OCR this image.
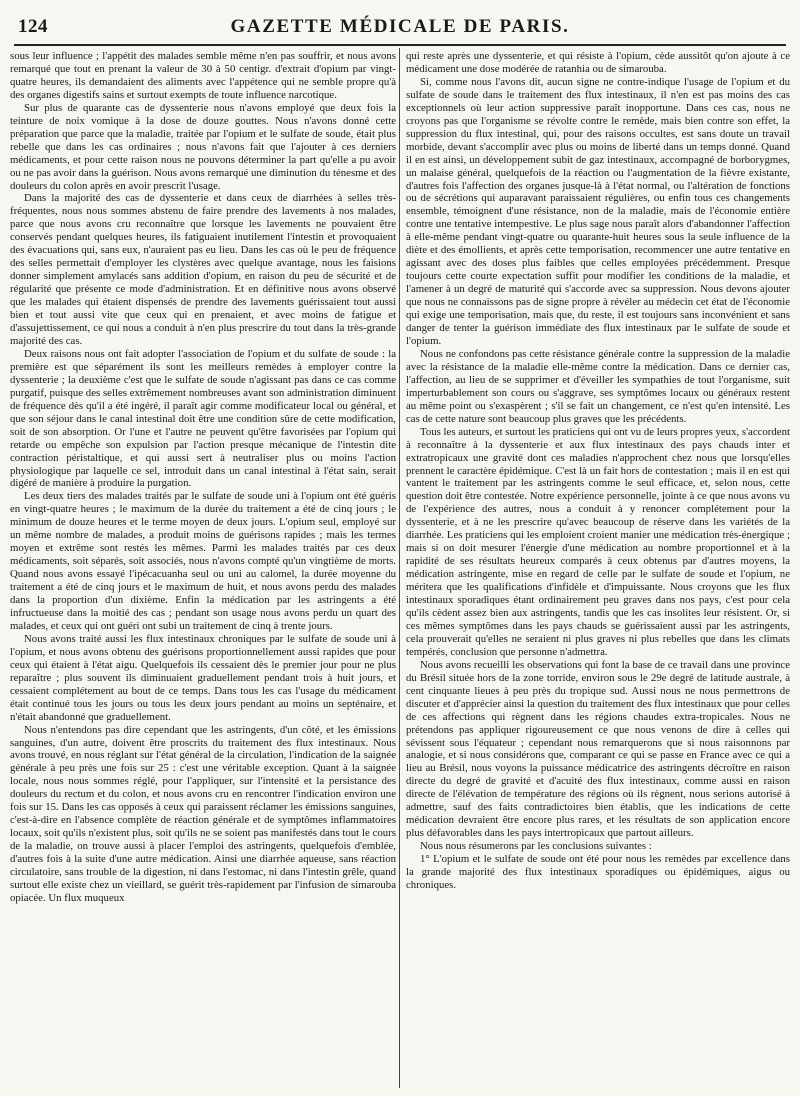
124	GAZETTE MÉDICALE DE PARIS.

sous leur influence ; l'appétit des malades semble même n'en pas souffrir, et nous avons remarqué que tout en prenant la valeur de 30 à 50 centigr. d'extrait d'opium par vingt-quatre heures, ils demandaient des aliments avec l'appétence qui ne semble propre qu'à des organes digestifs sains et surtout exempts de toute influence narcotique.

Sur plus de quarante cas de dyssenterie nous n'avons employé que deux fois la teinture de noix vomique à la dose de douze gouttes. Nous n'avons donné cette préparation que parce que la maladie, traitée par l'opium et le sulfate de soude, était plus rebelle que dans les cas ordinaires ; nous n'avons fait que l'ajouter à ces derniers médicaments, et pour cette raison nous ne pouvons déterminer la part qu'elle a pu avoir ou ne pas avoir dans la guérison. Nous avons remarqué une diminution du ténesme et des douleurs du colon après en avoir prescrit l'usage.

Dans la majorité des cas de dyssenterie et dans ceux de diarrhées à selles très-fréquentes, nous nous sommes abstenu de faire prendre des lavements à nos malades, parce que nous avons cru reconnaître que lorsque les lavements ne pouvaient être conservés pendant quelques heures, ils fatiguaient inutilement l'intestin et provoquaient des évacuations qui, sans eux, n'auraient pas eu lieu. Dans les cas où le peu de fréquence des selles permettait d'employer les clystères avec quelque avantage, nous les faisions donner simplement amylacés sans addition d'opium, en raison du peu de sécurité et de régularité que présente ce mode d'administration. Et en définitive nous avons observé que les malades qui étaient dispensés de prendre des lavements guérissaient tout aussi bien et tout aussi vite que ceux qui en prenaient, et avec moins de fatigue et d'assujettissement, ce qui nous a conduit à n'en plus prescrire du tout dans la très-grande majorité des cas.

Deux raisons nous ont fait adopter l'association de l'opium et du sulfate de soude : la première est que séparément ils sont les meilleurs remèdes à employer contre la dyssenterie ; la deuxième c'est que le sulfate de soude n'agissant pas dans ce cas comme purgatif, puisque des selles extrêmement nombreuses avant son administration diminuent de fréquence dès qu'il a été ingéré, il paraît agir comme modificateur local ou général, et que son séjour dans le canal intestinal doit être une condition sûre de cette modification, soit de son absorption. Or l'une et l'autre ne peuvent qu'être favorisées par l'opium qui retarde ou empêche son expulsion par l'action presque mécanique de l'intestin dite contraction péristaltique, et qui aussi sert à neutraliser plus ou moins l'action physiologique par laquelle ce sel, introduit dans un canal intestinal à l'état sain, serait digéré de manière à produire la purgation.

Les deux tiers des malades traités par le sulfate de soude uni à l'opium ont été guéris en vingt-quatre heures ; le maximum de la durée du traitement a été de cinq jours ; le minimum de douze heures et le terme moyen de deux jours. L'opium seul, employé sur un même nombre de malades, a produit moins de guérisons rapides ; mais les termes moyen et extrême sont restés les mêmes. Parmi les malades traités par ces deux médicaments, soit séparés, soit associés, nous n'avons compté qu'un vingtième de morts. Quand nous avons essayé l'ipécacuanha seul ou uni au calomel, la durée moyenne du traitement a été de cinq jours et le maximum de huit, et nous avons perdu des malades dans la proportion d'un dixième. Enfin la médication par les astringents a été infructueuse dans la moitié des cas ; pendant son usage nous avons perdu un quart des malades, et ceux qui ont guéri ont subi un traitement de cinq à trente jours.

Nous avons traité aussi les flux intestinaux chroniques par le sulfate de soude uni à l'opium, et nous avons obtenu des guérisons proportionnellement aussi rapides que pour ceux qui étaient à l'état aigu. Quelquefois ils cessaient dès le premier jour pour ne plus reparaître ; plus souvent ils diminuaient graduellement pendant trois à huit jours, et cessaient complétement au bout de ce temps. Dans tous les cas l'usage du médicament était continué tous les jours ou tous les deux jours pendant au moins un septénaire, et n'était abandonné que graduellement.

Nous n'entendons pas dire cependant que les astringents, d'un côté, et les émissions sanguines, d'un autre, doivent être proscrits du traitement des flux intestinaux. Nous avons trouvé, en nous réglant sur l'état général de la circulation, l'indication de la saignée générale à peu près une fois sur 25 : c'est une véritable exception. Quant à la saignée locale, nous nous sommes réglé, pour l'appliquer, sur l'intensité et la persistance des douleurs du rectum et du colon, et nous avons cru en rencontrer l'indication environ une fois sur 15. Dans les cas opposés à ceux qui paraissent réclamer les émissions sanguines, c'est-à-dire en l'absence complète de réaction générale et de symptômes inflammatoires locaux, soit qu'ils n'existent plus, soit qu'ils ne se soient pas manifestés dans tout le cours de la maladie, on trouve aussi à placer l'emploi des astringents, quelquefois d'emblée, d'autres fois à la suite d'une autre médication. Ainsi une diarrhée aqueuse, sans réaction circulatoire, sans trouble de la digestion, ni dans l'estomac, ni dans l'intestin grêle, quand surtout elle existe chez un vieillard, se guérit très-rapidement par l'infusion de simarouba opiacée. Un flux muqueux

qui reste après une dyssenterie, et qui résiste à l'opium, cède aussitôt qu'on ajoute à ce médicament une dose modérée de ratanhia ou de simarouba.

Si, comme nous l'avons dit, aucun signe ne contre-indique l'usage de l'opium et du sulfate de soude dans le traitement des flux intestinaux, il n'en est pas moins des cas exceptionnels où leur action suppressive paraît inopportune. Dans ces cas, nous ne croyons pas que l'organisme se révolte contre le remède, mais bien contre son effet, la suppression du flux intestinal, qui, pour des raisons occultes, est sans doute un travail morbide, devant s'accomplir avec plus ou moins de liberté dans un temps donné. Quand il en est ainsi, un développement subit de gaz intestinaux, accompagné de borborygmes, un malaise général, quelquefois de la réaction ou l'augmentation de la fièvre existante, d'autres fois l'affection des organes jusque-là à l'état normal, ou l'altération de fonctions ou de sécrétions qui auparavant paraissaient régulières, ou enfin tous ces changements ensemble, témoignent d'une résistance, non de la maladie, mais de l'économie entière contre une tentative intempestive. Le plus sage nous paraît alors d'abandonner l'affection à elle-même pendant vingt-quatre ou quarante-huit heures sous la seule influence de la diète et des émollients, et après cette temporisation, recommencer une autre tentative en agissant avec des doses plus faibles que celles employées précédemment. Presque toujours cette courte expectation suffit pour modifier les conditions de la maladie, et l'amener à un degré de maturité qui s'accorde avec sa suppression. Nous devons ajouter que nous ne connaissons pas de signe propre à révéler au médecin cet état de l'économie qui exige une temporisation, mais que, du reste, il est toujours sans inconvénient et sans danger de tenter la guérison immédiate des flux intestinaux par le sulfate de soude et l'opium.

Nous ne confondons pas cette résistance générale contre la suppression de la maladie avec la résistance de la maladie elle-même contre la médication. Dans ce dernier cas, l'affection, au lieu de se supprimer et d'éveiller les sympathies de tout l'organisme, suit imperturbablement son cours ou s'aggrave, ses symptômes locaux ou généraux restent au même point ou s'exaspèrent ; s'il se fait un changement, ce n'est qu'en intensité. Les cas de cette nature sont beaucoup plus graves que les précédents.

Tous les auteurs, et surtout les praticiens qui ont vu de leurs propres yeux, s'accordent à reconnaître à la dyssenterie et aux flux intestinaux des pays chauds inter et extratropicaux une gravité dont ces maladies n'approchent chez nous que lorsqu'elles prennent le caractère épidémique. C'est là un fait hors de contestation ; mais il en est qui vantent le traitement par les astringents comme le seul efficace, et, selon nous, cette question doit être contestée. Notre expérience personnelle, jointe à ce que nous avons vu de l'expérience des autres, nous a conduit à y renoncer complétement pour la dyssenterie, et à ne les prescrire qu'avec beaucoup de réserve dans les variétés de la diarrhée. Les praticiens qui les emploient croient manier une médication très-énergique ; mais si on doit mesurer l'énergie d'une médication au nombre proportionnel et à la rapidité de ses résultats heureux comparés à ceux obtenus par d'autres moyens, la médication astringente, mise en regard de celle par le sulfate de soude et l'opium, ne méritera que les qualifications d'infidèle et d'impuissante. Nous croyons que les flux intestinaux sporadiques étant ordinairement peu graves dans nos pays, c'est pour cela qu'ils cèdent assez bien aux astringents, tandis que les cas insolites leur résistent. Or, si ces mêmes symptômes dans les pays chauds se guérissaient aussi par les astringents, cela prouverait qu'elles ne seraient ni plus graves ni plus rebelles que dans les climats tempérés, conclusion que personne n'admettra.

Nous avons recueilli les observations qui font la base de ce travail dans une province du Brésil située hors de la zone torride, environ sous le 29e degré de latitude australe, à cent cinquante lieues à peu près du tropique sud. Aussi nous ne nous permettrons de discuter et d'apprécier ainsi la question du traitement des flux intestinaux que pour celles de ces affections qui règnent dans les régions chaudes extra-tropicales. Nous ne prétendons pas appliquer rigoureusement ce que nous venons de dire à celles qui sévissent sous l'équateur ; cependant nous remarquerons que si nous raisonnons par analogie, et si nous considérons que, comparant ce qui se passe en France avec ce qui a lieu au Brésil, nous voyons la puissance médicatrice des astringents décroître en raison directe du degré de gravité et d'acuité des flux intestinaux, comme aussi en raison directe de l'élévation de température des régions où ils règnent, nous serions autorisé à admettre, sauf des faits contradictoires bien établis, que les indications de cette médication devraient être encore plus rares, et les résultats de son application encore plus défavorables dans les pays intertropicaux que partout ailleurs.

Nous nous résumerons par les conclusions suivantes :

1° L'opium et le sulfate de soude ont été pour nous les remèdes par excellence dans la grande majorité des flux intestinaux sporadiques ou épidémiques, aigus ou chroniques.
